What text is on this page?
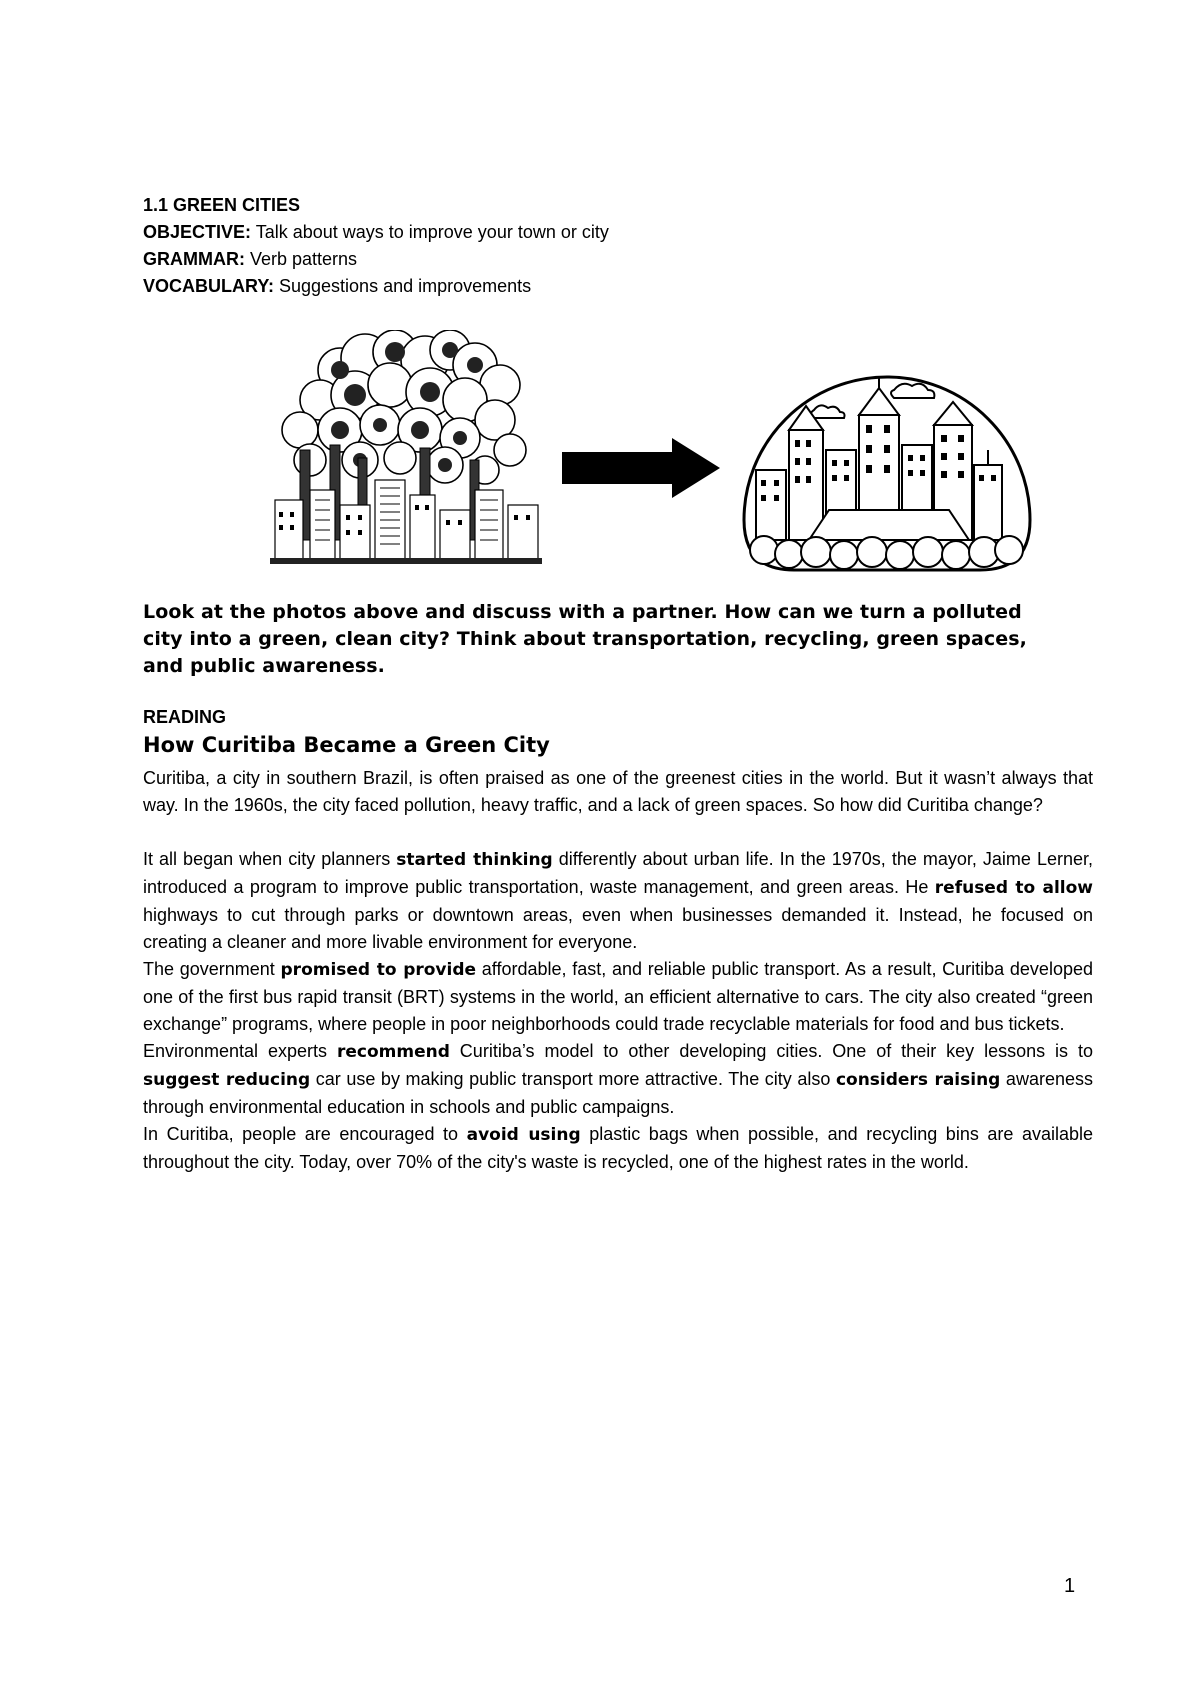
1.1 GREEN CITIES
OBJECTIVE: Talk about ways to improve your town or city
GRAMMAR: Verb patterns
VOCABULARY: Suggestions and improvements
Look at the photos above and discuss with a partner. How can we turn a polluted city into a green, clean city? Think about transportation, recycling, green spaces, and public awareness.
READING
How Curitiba Became a Green City

Curitiba, a city in southern Brazil, is often praised as one of the greenest cities in the world. But it wasn’t always that way. In the 1960s, the city faced pollution, heavy traffic, and a lack of green spaces. So how did Curitiba change?

It all began when city planners started thinking differently about urban life. In the 1970s, the mayor, Jaime Lerner, introduced a program to improve public transportation, waste management, and green areas. He refused to allow highways to cut through parks or downtown areas, even when businesses demanded it. Instead, he focused on creating a cleaner and more livable environment for everyone.

The government promised to provide affordable, fast, and reliable public transport. As a result, Curitiba developed one of the first bus rapid transit (BRT) systems in the world, an efficient alternative to cars. The city also created “green exchange” programs, where people in poor neighborhoods could trade recyclable materials for food and bus tickets.

Environmental experts recommend Curitiba’s model to other developing cities. One of their key lessons is to suggest reducing car use by making public transport more attractive. The city also considers raising awareness through environmental education in schools and public campaigns.

In Curitiba, people are encouraged to avoid using plastic bags when possible, and recycling bins are available throughout the city. Today, over 70% of the city's waste is recycled, one of the highest rates in the world.

1
